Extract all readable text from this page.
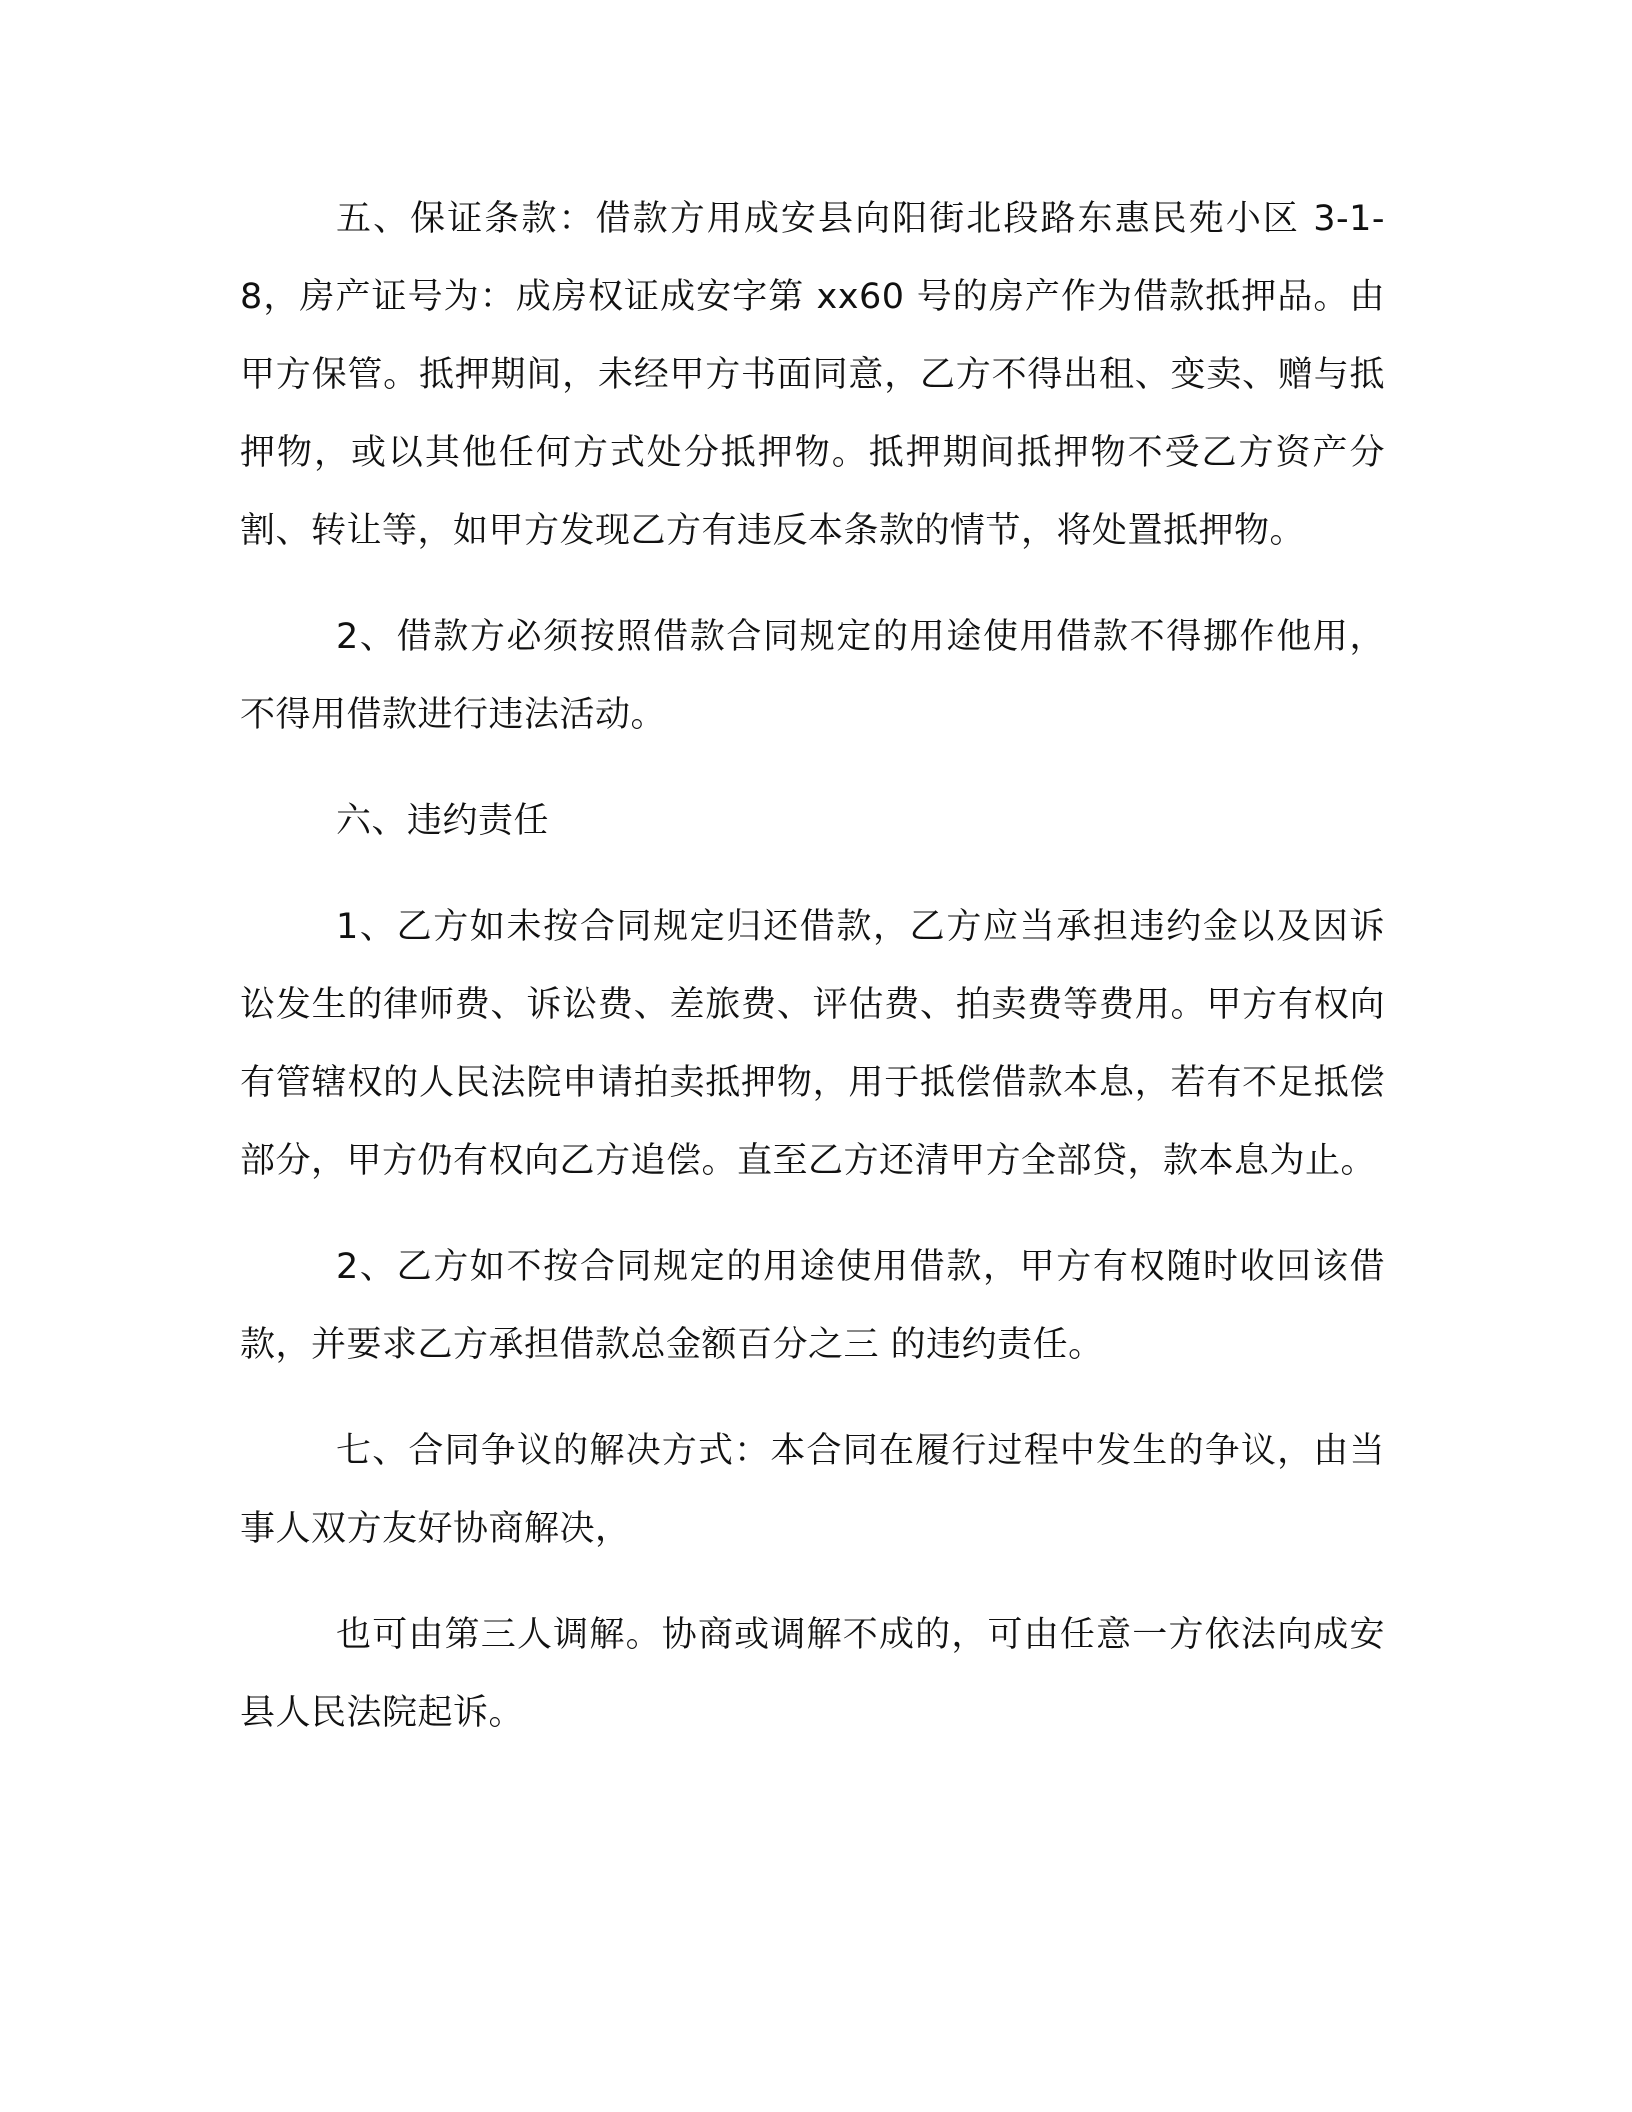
五、保证条款：借款方用成安县向阳街北段路东惠民苑小区 3-1-8，房产证号为：成房权证成安字第 xx60 号的房产作为借款抵押品。由甲方保管。抵押期间，未经甲方书面同意，乙方不得出租、变卖、赠与抵押物，或以其他任何方式处分抵押物。抵押期间抵押物不受乙方资产分割、转让等，如甲方发现乙方有违反本条款的情节，将处置抵押物。

2、借款方必须按照借款合同规定的用途使用借款不得挪作他用，不得用借款进行违法活动。

六、违约责任

1、乙方如未按合同规定归还借款，乙方应当承担违约金以及因诉讼发生的律师费、诉讼费、差旅费、评估费、拍卖费等费用。甲方有权向有管辖权的人民法院申请拍卖抵押物，用于抵偿借款本息，若有不足抵偿部分，甲方仍有权向乙方追偿。直至乙方还清甲方全部贷，款本息为止。

2、乙方如不按合同规定的用途使用借款，甲方有权随时收回该借款，并要求乙方承担借款总金额百分之三 的违约责任。

七、合同争议的解决方式：本合同在履行过程中发生的争议，由当事人双方友好协商解决，

也可由第三人调解。协商或调解不成的，可由任意一方依法向成安县人民法院起诉。
